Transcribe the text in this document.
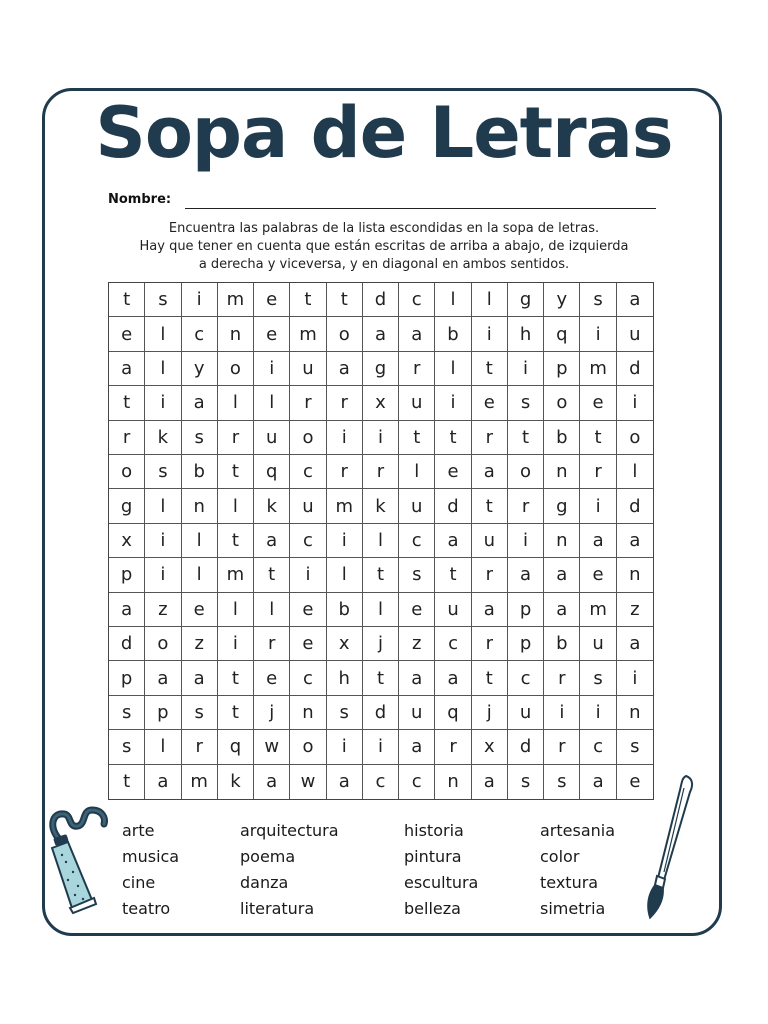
Sopa de Letras
Nombre:
Encuentra las palabras de la lista escondidas en la sopa de letras.
Hay que tener en cuenta que están escritas de arriba a abajo, de izquierda
a derecha y viceversa, y en diagonal en ambos sentidos.
t	s	i	m	e	t	t	d	c	l	l	g	y	s	a
e	l	c	n	e	m	o	a	a	b	i	h	q	i	u
a	l	y	o	i	u	a	g	r	l	t	i	p	m	d
t	i	a	l	l	r	r	x	u	i	e	s	o	e	i
r	k	s	r	u	o	i	i	t	t	r	t	b	t	o
o	s	b	t	q	c	r	r	l	e	a	o	n	r	l
g	l	n	l	k	u	m	k	u	d	t	r	g	i	d
x	i	l	t	a	c	i	l	c	a	u	i	n	a	a
p	i	l	m	t	i	l	t	s	t	r	a	a	e	n
a	z	e	l	l	e	b	l	e	u	a	p	a	m	z
d	o	z	i	r	e	x	j	z	c	r	p	b	u	a
p	a	a	t	e	c	h	t	a	a	t	c	r	s	i
s	p	s	t	j	n	s	d	u	q	j	u	i	i	n
s	l	r	q	w	o	i	i	a	r	x	d	r	c	s
t	a	m	k	a	w	a	c	c	n	a	s	s	a	e
arte
musica
cine
teatro
arquitectura
poema
danza
literatura
historia
pintura
escultura
belleza
artesania
color
textura
simetria
